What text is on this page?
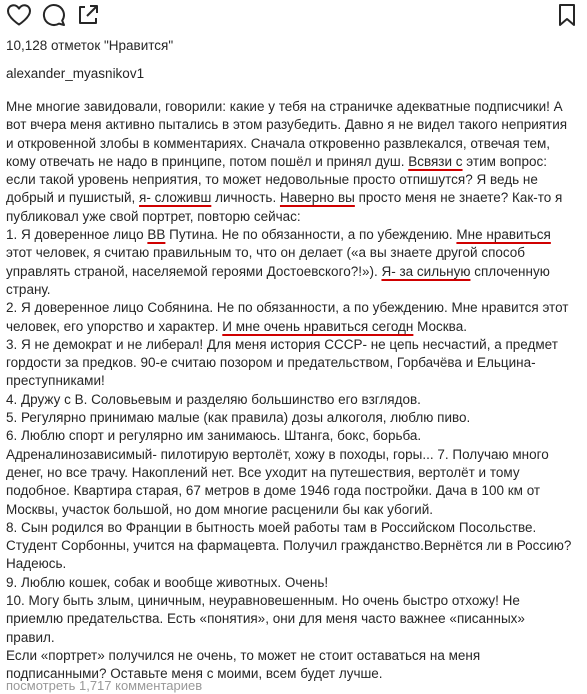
10,128 отметок "Нравится"
alexander_myasnikov1
Мне многие завидовали, говорили: какие у тебя на страничке адекватные подписчики! А
вот вчера меня активно пытались в этом разубедить. Давно я не видел такого неприятия
и откровенной злобы в комментариях. Сначала откровенно развлекался, отвечая тем,
кому отвечать не надо в принципе, потом пошёл и принял душ. Всвязи с этим вопрос:
если такой уровень неприятия, то может недовольные просто отпишутся? Я ведь не
добрый и пушистый, я- сложивш личность. Наверно вы просто меня не знаете? Как-то я
публиковал уже свой портрет, повторю сейчас:
1. Я доверенное лицо ВВ Путина. Не по обязанности, а по убеждению. Мне нравиться
этот человек, я считаю правильным то, что он делает («а вы знаете другой способ
управлять страной, населяемой героями Достоевского?!»). Я- за сильную сплоченную
страну.
2. Я доверенное лицо Собянина. Не по обязанности, а по убеждению. Мне нравится этот
человек, его упорство и характер. И мне очень нравиться сегодн Москва.
3. Я не демократ и не либерал! Для меня история СССР- не цепь несчастий, а предмет
гордости за предков. 90-е считаю позором и предательством, Горбачёва и Ельцина-
преступниками!
4. Дружу с В. Соловьевым и разделяю большинство его взглядов.
5. Регулярно принимаю малые (как правила) дозы алкоголя, люблю пиво.
6. Люблю спорт и регулярно им занимаюсь. Штанга, бокс, борьба.
Адреналинозависимый- пилотирую вертолёт, хожу в походы, горы... 7. Получаю много
денег, но все трачу. Накоплений нет. Все уходит на путешествия, вертолёт и тому
подобное. Квартира старая, 67 метров в доме 1946 года постройки. Дача в 100 км от
Москвы, участок большой, но дом многие расценили бы как убогий.
8. Сын родился во Франции в бытность моей работы там в Российском Посольстве.
Студент Сорбонны, учится на фармацевта. Получил гражданство.Вернётся ли в Россию?
Надеюсь.
9. Люблю кошек, собак и вообще животных. Очень!
10. Могу быть злым, циничным, неуравновешенным. Но очень быстро отхожу! Не
приемлю предательства. Есть «понятия», они для меня часто важнее «писанных»
правил.
Если «портрет» получился не очень, то может не стоит оставаться на меня
подписанными? Оставьте меня с моими, всем будет лучше.
посмотреть 1,717 комментариев
